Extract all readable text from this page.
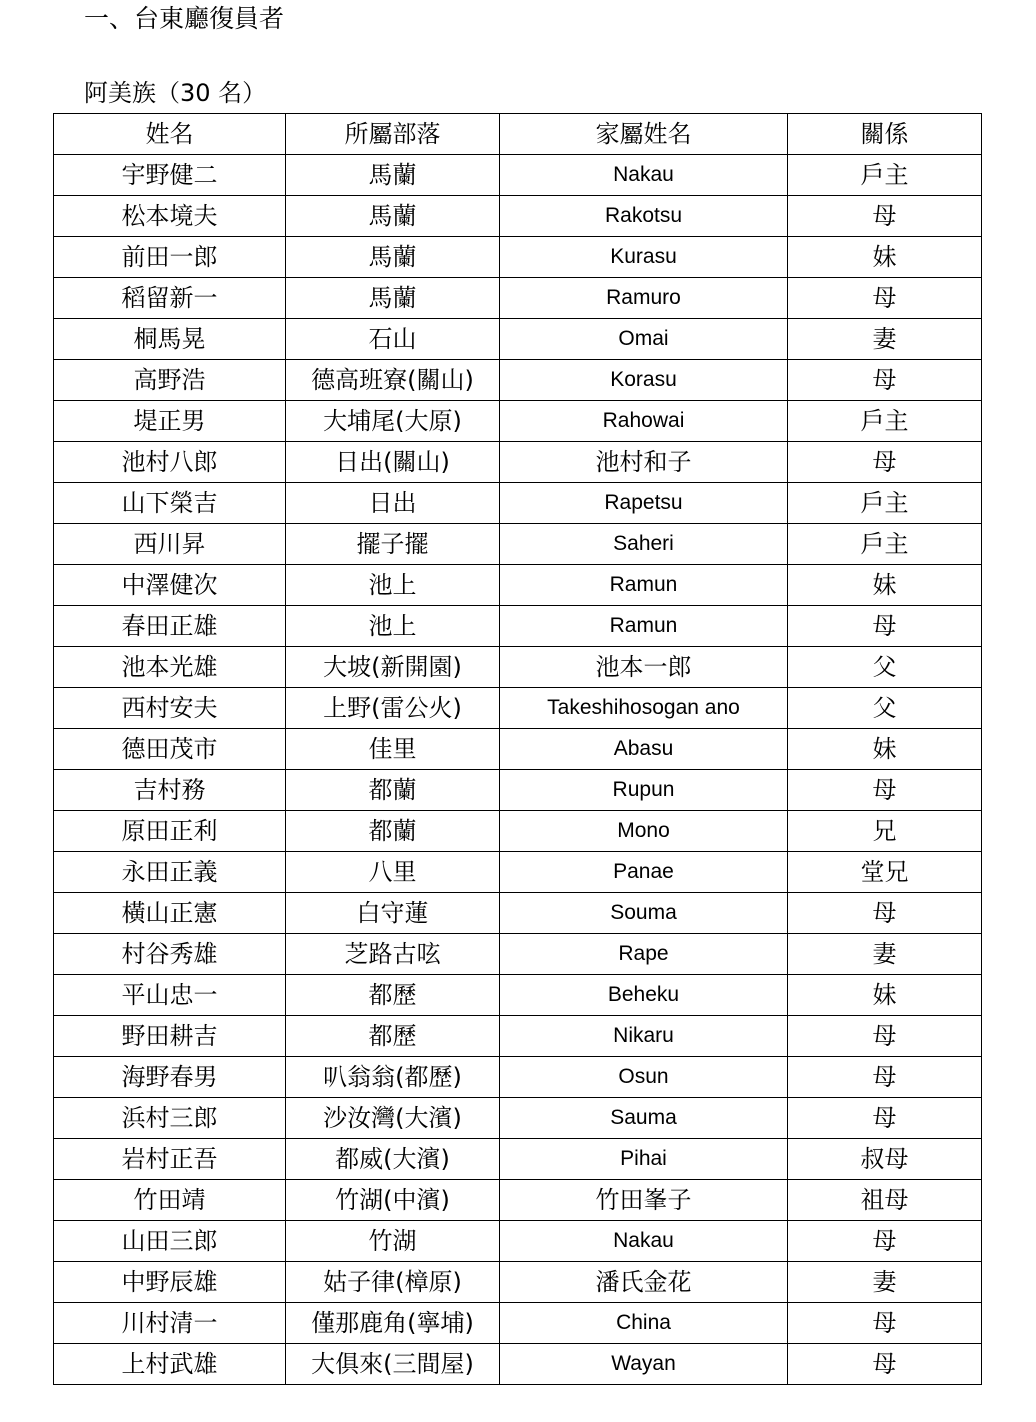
一、台東廳復員者
阿美族（30 名）
姓名	所屬部落	家屬姓名	關係
宇野健二	馬蘭	Nakau	戶主
松本境夫	馬蘭	Rakotsu	母
前田一郎	馬蘭	Kurasu	妹
稻留新一	馬蘭	Ramuro	母
桐馬晃	石山	Omai	妻
高野浩	德高班寮(關山)	Korasu	母
堤正男	大埔尾(大原)	Rahowai	戶主
池村八郎	日出(關山)	池村和子	母
山下榮吉	日出	Rapetsu	戶主
西川昇	擺子擺	Saheri	戶主
中澤健次	池上	Ramun	妹
春田正雄	池上	Ramun	母
池本光雄	大坡(新開園)	池本一郎	父
西村安夫	上野(雷公火)	Takeshihosogan ano	父
德田茂市	佳里	Abasu	妹
吉村務	都蘭	Rupun	母
原田正利	都蘭	Mono	兄
永田正義	八里	Panae	堂兄
橫山正憲	白守蓮	Souma	母
村谷秀雄	芝路古呟	Rape	妻
平山忠一	都歷	Beheku	妹
野田耕吉	都歷	Nikaru	母
海野春男	叭翁翁(都歷)	Osun	母
浜村三郎	沙汝灣(大濱)	Sauma	母
岩村正吾	都威(大濱)	Pihai	叔母
竹田靖	竹湖(中濱)	竹田峯子	祖母
山田三郎	竹湖	Nakau	母
中野辰雄	姑子律(樟原)	潘氏金花	妻
川村清一	僅那鹿角(寧埔)	China	母
上村武雄	大俱來(三間屋)	Wayan	母
